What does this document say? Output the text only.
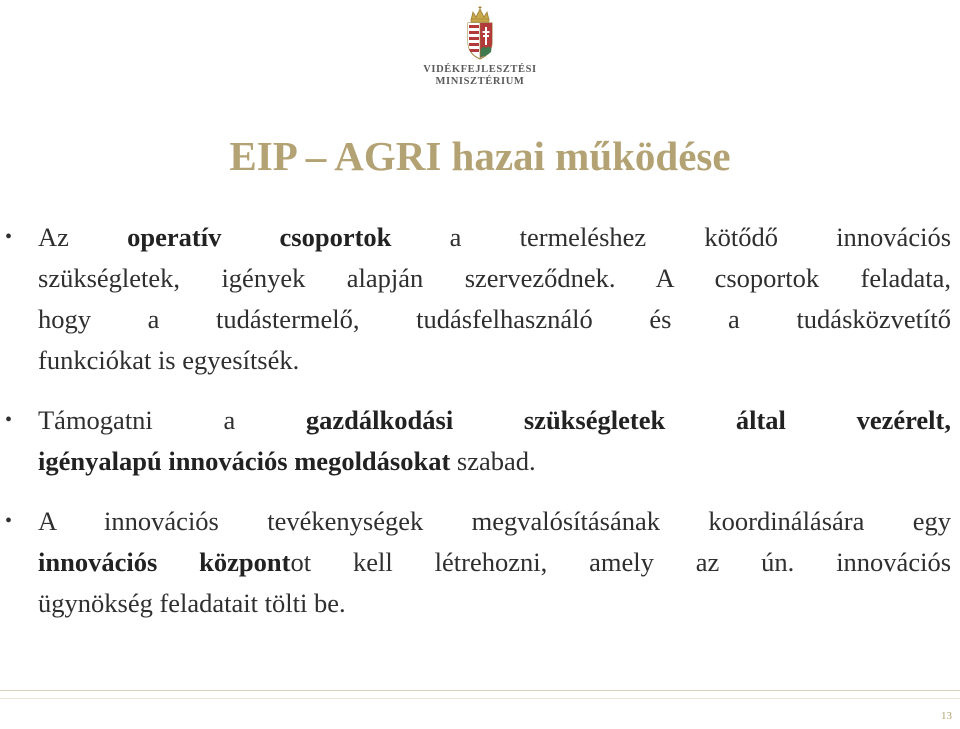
VIDÉKFEJLESZTÉSI
MINISZTÉRIUM
EIP – AGRI hazai működése
•
Az operatív csoportok a termeléshez kötődő innovációs
szükségletek, igények alapján szerveződnek. A csoportok feladata,
hogy a tudástermelő, tudásfelhasználó és a tudásközvetítő
funkciókat is egyesítsék.
•
Támogatni a gazdálkodási szükségletek által vezérelt,
igényalapú innovációs megoldásokat szabad.
•
A innovációs tevékenységek megvalósításának koordinálására egy
innovációs központot kell létrehozni, amely az ún. innovációs
ügynökség feladatait tölti be.
13
